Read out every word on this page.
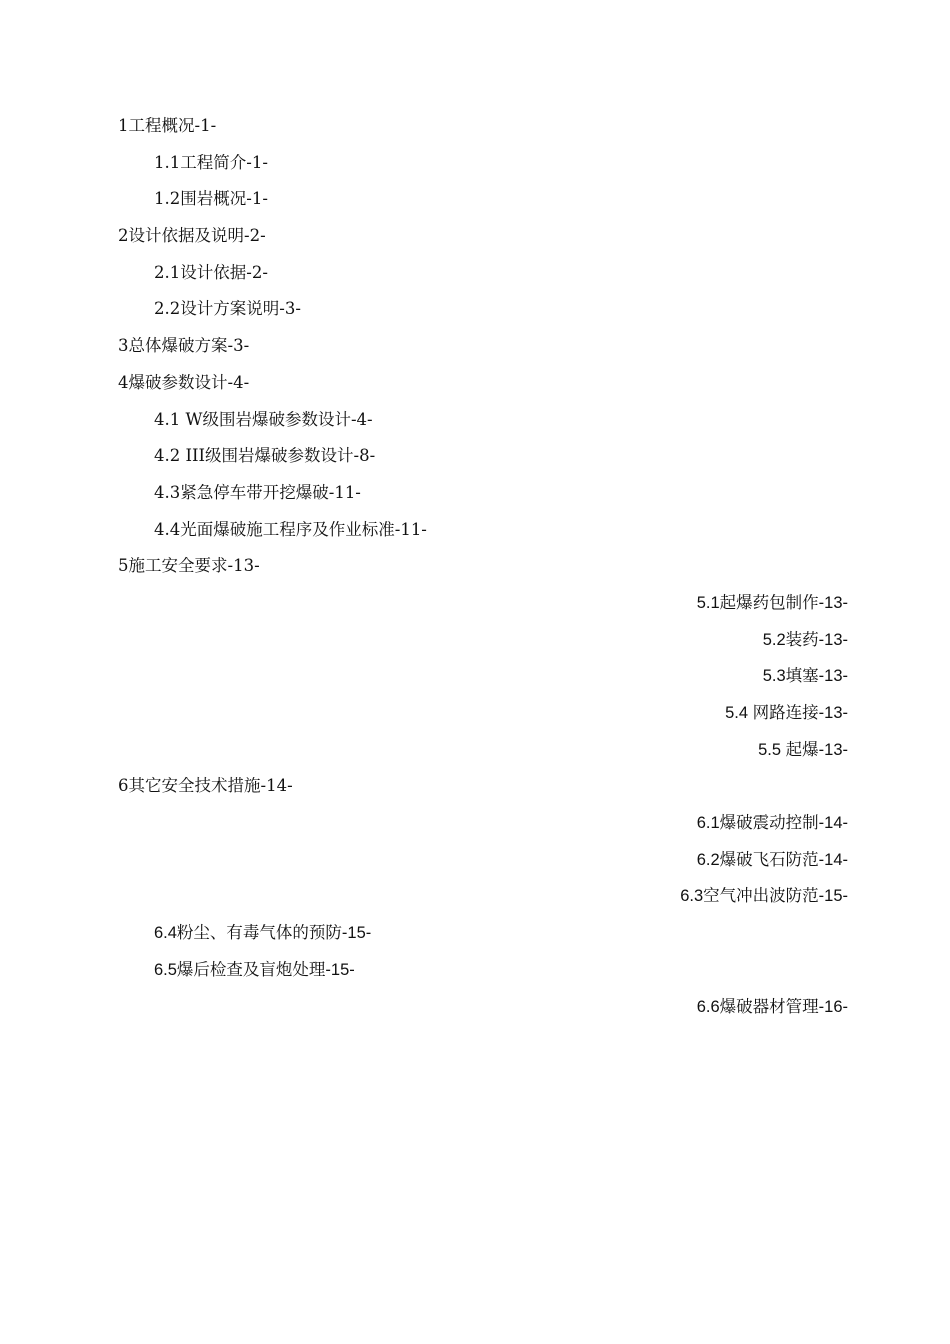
1工程概况-1-
1.1工程简介-1-
1.2围岩概况-1-
2设计依据及说明-2-
2.1设计依据-2-
2.2设计方案说明-3-
3总体爆破方案-3-
4爆破参数设计-4-
4.1 W级围岩爆破参数设计-4-
4.2 III级围岩爆破参数设计-8-
4.3紧急停车带开挖爆破-11-
4.4光面爆破施工程序及作业标准-11-
5施工安全要求-13-
5.1起爆药包制作-13-
5.2装药-13-
5.3填塞-13-
5.4 网路连接-13-
5.5 起爆-13-
6其它安全技术措施-14-
6.1爆破震动控制-14-
6.2爆破飞石防范-14-
6.3空气冲出波防范-15-
6.4粉尘、有毒气体的预防-15-
6.5爆后检查及盲炮处理-15-
6.6爆破器材管理-16-
